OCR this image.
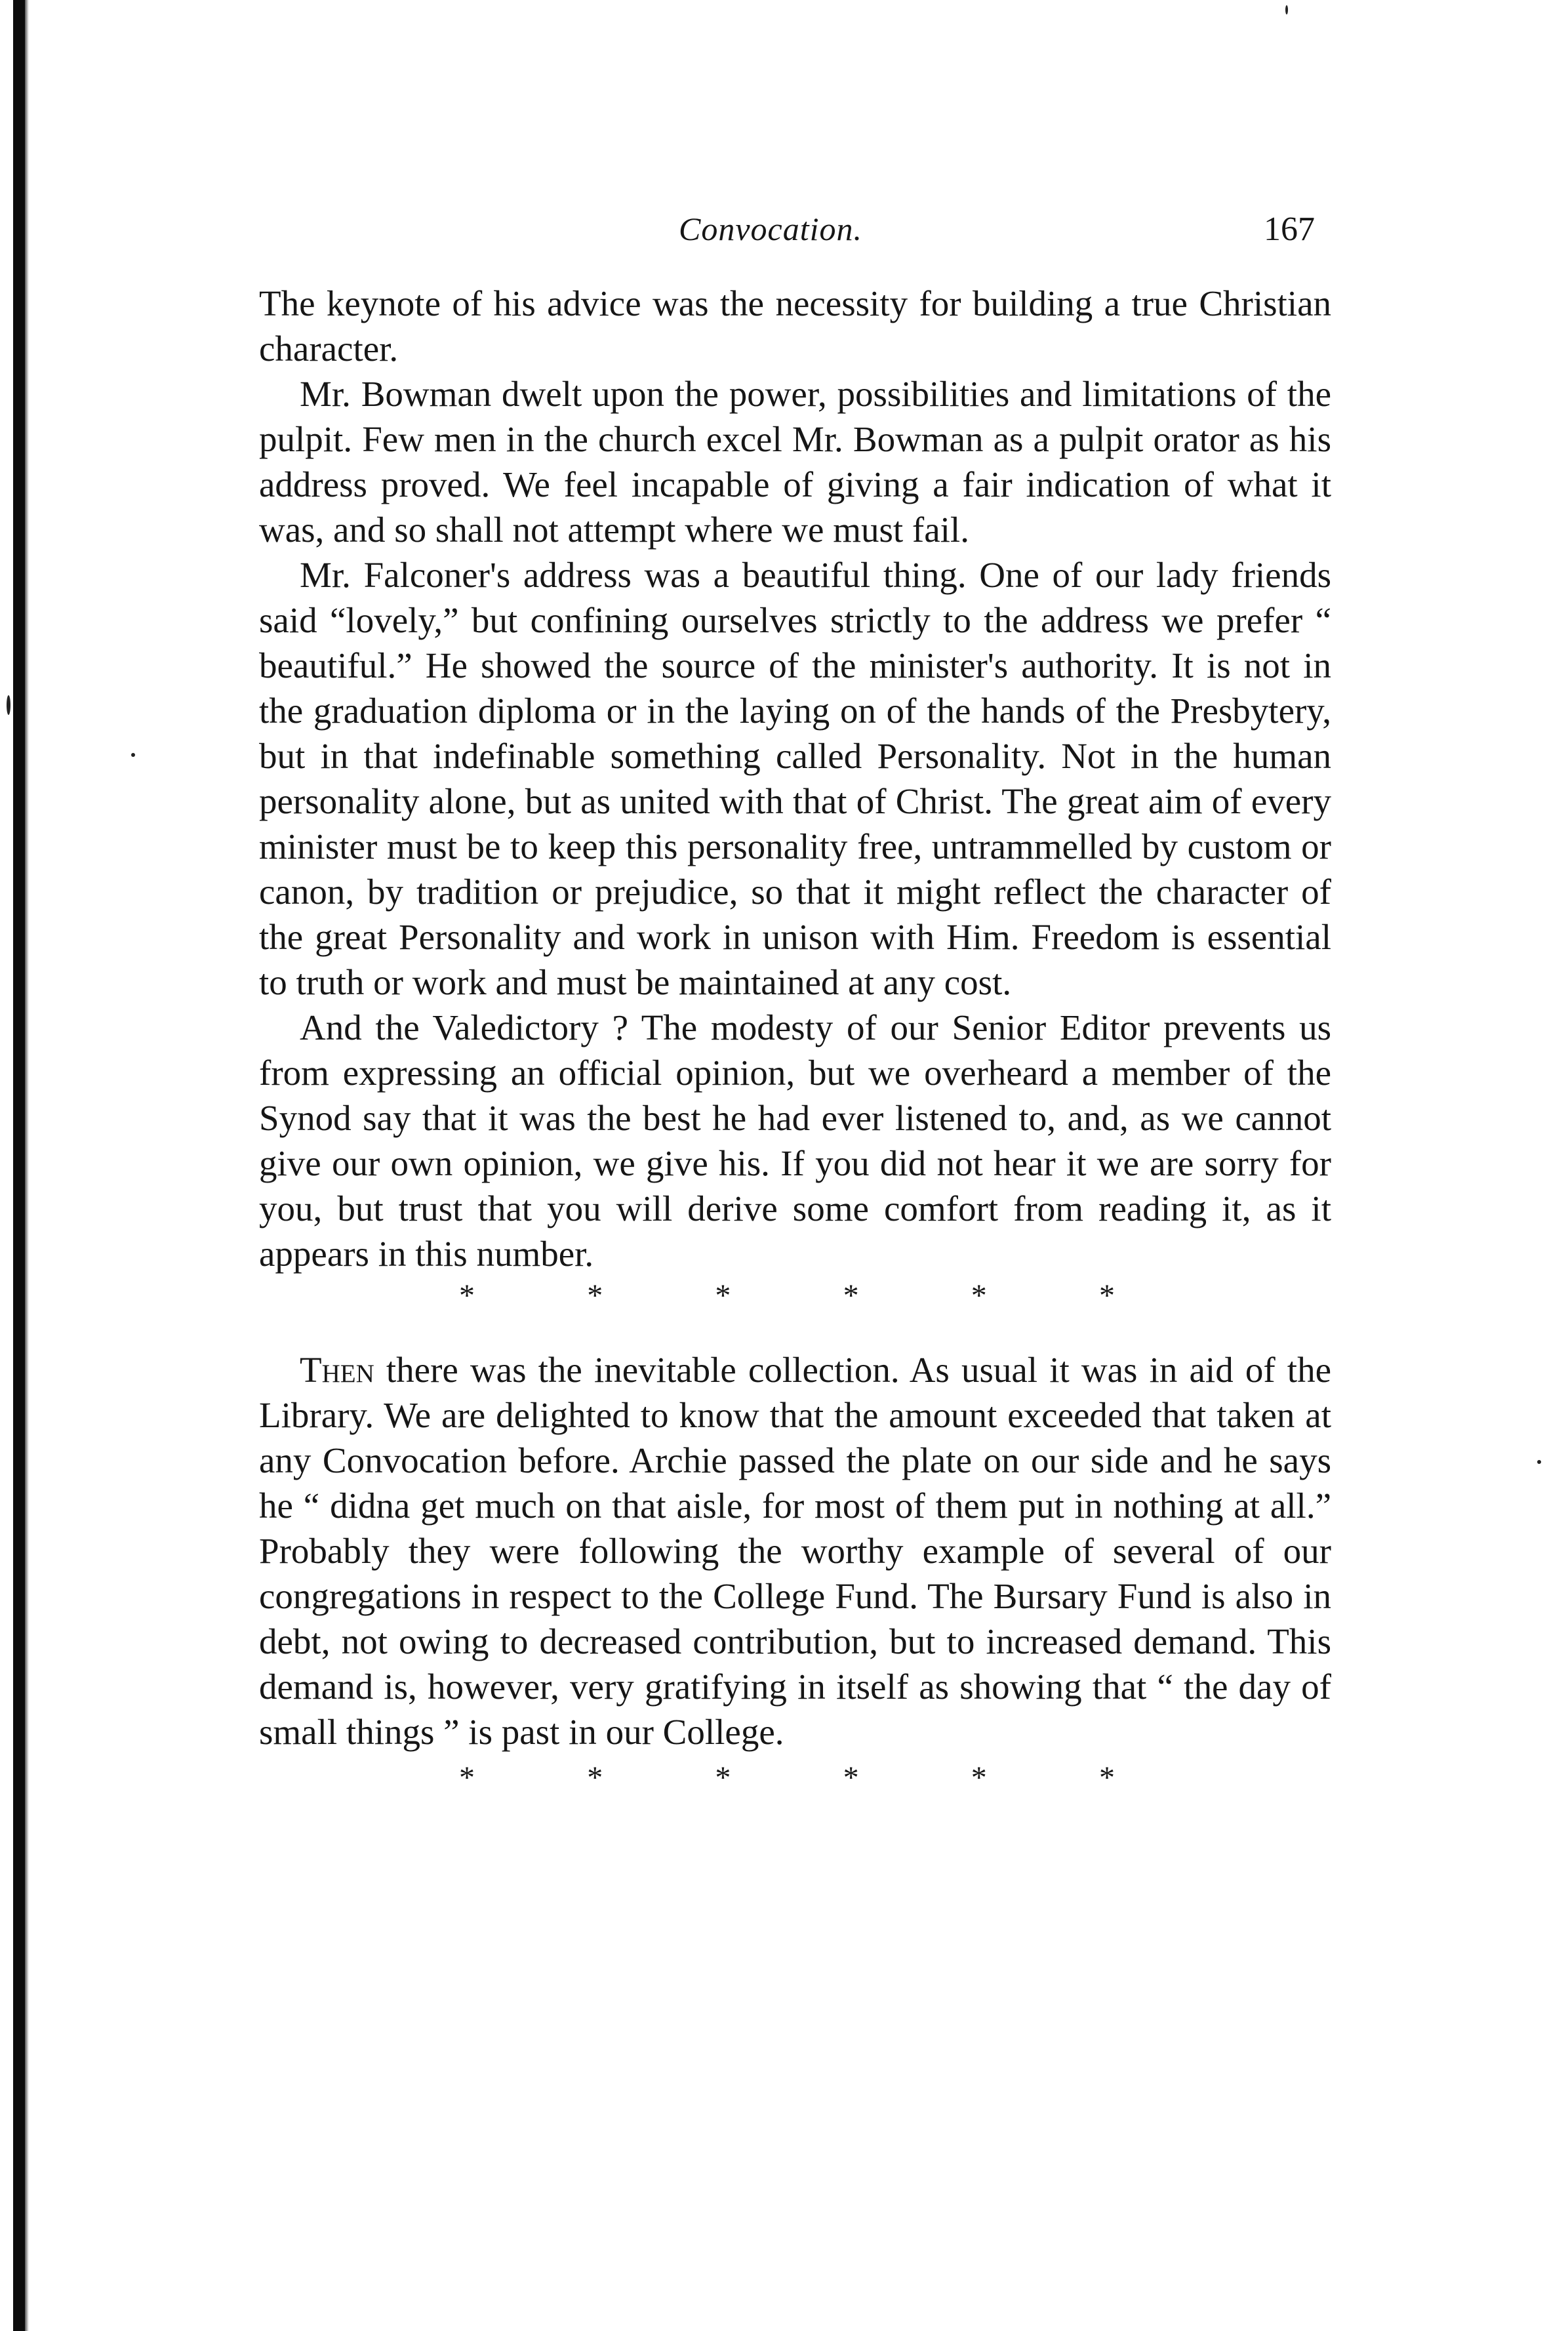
Convocation.	167

The keynote of his advice was the necessity for building a true Christian character.

Mr. Bowman dwelt upon the power, possibilities and limitations of the pulpit. Few men in the church excel Mr. Bowman as a pulpit orator as his address proved. We feel incapable of giving a fair indication of what it was, and so shall not attempt where we must fail.

Mr. Falconer's address was a beautiful thing. One of our lady friends said “lovely,” but confining ourselves strictly to the address we prefer “ beautiful.” He showed the source of the minister's authority. It is not in the graduation diploma or in the laying on of the hands of the Presbytery, but in that indefinable something called Personality. Not in the human personality alone, but as united with that of Christ. The great aim of every minister must be to keep this personality free, untrammelled by custom or canon, by tradition or prejudice, so that it might reflect the character of the great Personality and work in unison with Him. Freedom is essential to truth or work and must be maintained at any cost.

And the Valedictory ? The modesty of our Senior Editor prevents us from expressing an official opinion, but we overheard a member of the Synod say that it was the best he had ever listened to, and, as we cannot give our own opinion, we give his. If you did not hear it we are sorry for you, but trust that you will derive some comfort from reading it, as it appears in this number.

*	*	*	*	*	*

Then there was the inevitable collection. As usual it was in aid of the Library. We are delighted to know that the amount exceeded that taken at any Convocation before. Archie passed the plate on our side and he says he “ didna get much on that aisle, for most of them put in nothing at all.” Probably they were following the worthy example of several of our congregations in respect to the College Fund. The Bursary Fund is also in debt, not owing to decreased contribution, but to increased demand. This demand is, however, very gratifying in itself as showing that “ the day of small things ” is past in our College.

*	*	*	*	*	*
